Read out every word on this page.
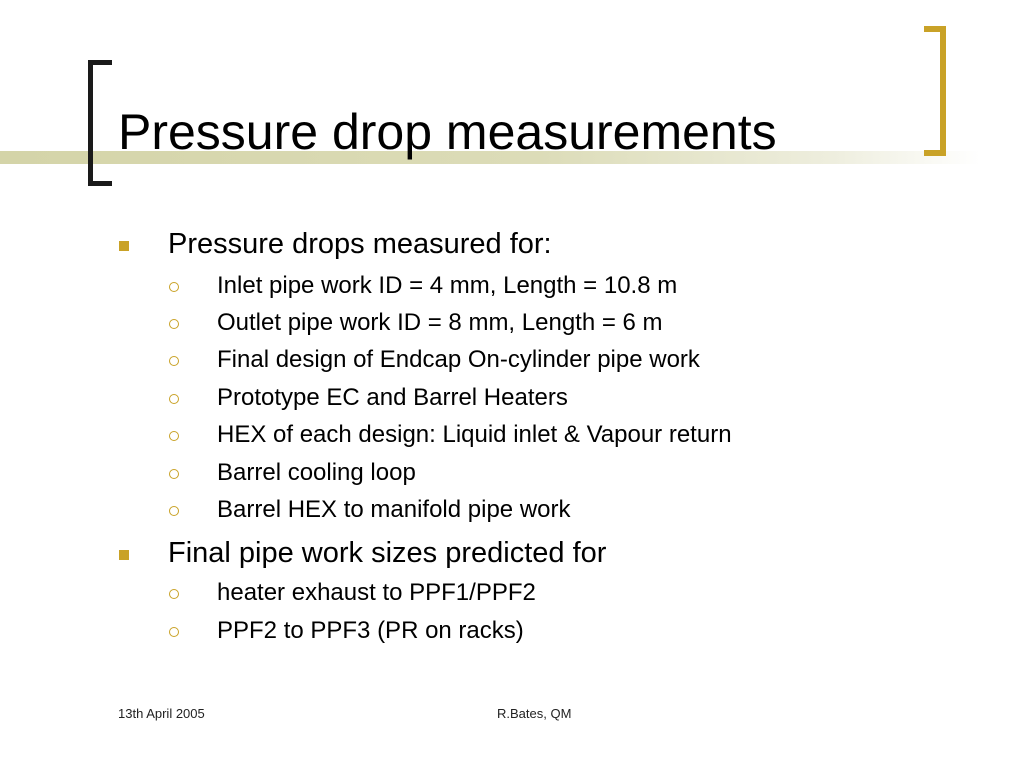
Pressure drop measurements
Pressure drops measured for:
Inlet pipe work ID = 4 mm, Length = 10.8 m
Outlet pipe work ID = 8 mm, Length = 6 m
Final design of Endcap On-cylinder pipe work
Prototype EC and Barrel Heaters
HEX of each design: Liquid inlet & Vapour return
Barrel cooling loop
Barrel HEX to manifold pipe work
Final pipe work sizes predicted for
heater exhaust to PPF1/PPF2
PPF2 to PPF3 (PR on racks)
13th April 2005	R.Bates, QM
